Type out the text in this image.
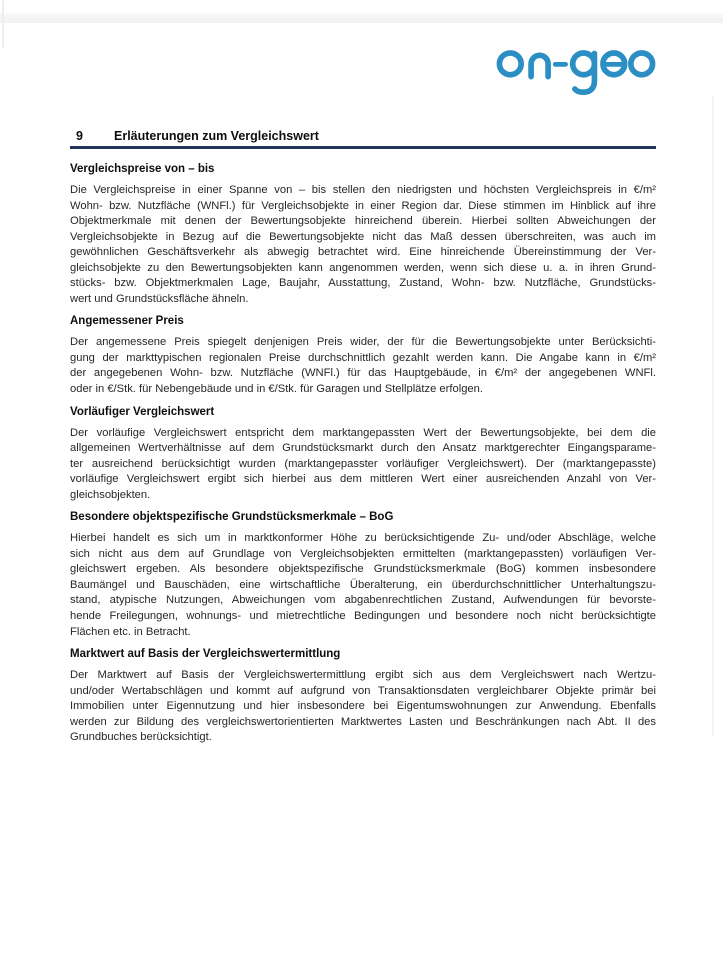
9	Erläuterungen zum Vergleichswert
Vergleichspreise von – bis

Die Vergleichspreise in einer Spanne von – bis stellen den niedrigsten und höchsten Vergleichspreis in €/m²
Wohn- bzw. Nutzfläche (WNFl.) für Vergleichsobjekte in einer Region dar. Diese stimmen im Hinblick auf ihre
Objektmerkmale mit denen der Bewertungsobjekte hinreichend überein. Hierbei sollten Abweichungen der
Vergleichsobjekte in Bezug auf die Bewertungsobjekte nicht das Maß dessen überschreiten, was auch im
gewöhnlichen Geschäftsverkehr als abwegig betrachtet wird. Eine hinreichende Übereinstimmung der Ver-
gleichsobjekte zu den Bewertungsobjekten kann angenommen werden, wenn sich diese u. a. in ihren Grund-
stücks- bzw. Objektmerkmalen Lage, Baujahr, Ausstattung, Zustand, Wohn- bzw. Nutzfläche, Grundstücks-
wert und Grundstücksfläche ähneln.

Angemessener Preis

Der angemessene Preis spiegelt denjenigen Preis wider, der für die Bewertungsobjekte unter Berücksichti-
gung der markttypischen regionalen Preise durchschnittlich gezahlt werden kann. Die Angabe kann in €/m²
der angegebenen Wohn- bzw. Nutzfläche (WNFl.) für das Hauptgebäude, in €/m² der angegebenen WNFl.
oder in €/Stk. für Nebengebäude und in €/Stk. für Garagen und Stellplätze erfolgen.

Vorläufiger Vergleichswert

Der vorläufige Vergleichswert entspricht dem marktangepassten Wert der Bewertungsobjekte, bei dem die
allgemeinen Wertverhältnisse auf dem Grundstücksmarkt durch den Ansatz marktgerechter Eingangsparame-
ter ausreichend berücksichtigt wurden (marktangepasster vorläufiger Vergleichswert). Der (marktangepasste)
vorläufige Vergleichswert ergibt sich hierbei aus dem mittleren Wert einer ausreichenden Anzahl von Ver-
gleichsobjekten.

Besondere objektspezifische Grundstücksmerkmale – BoG

Hierbei handelt es sich um in marktkonformer Höhe zu berücksichtigende Zu- und/oder Abschläge, welche
sich nicht aus dem auf Grundlage von Vergleichsobjekten ermittelten (marktangepassten) vorläufigen Ver-
gleichswert ergeben. Als besondere objektspezifische Grundstücksmerkmale (BoG) kommen insbesondere
Baumängel und Bauschäden, eine wirtschaftliche Überalterung, ein überdurchschnittlicher Unterhaltungszu-
stand, atypische Nutzungen, Abweichungen vom abgabenrechtlichen Zustand, Aufwendungen für bevorste-
hende Freilegungen, wohnungs- und mietrechtliche Bedingungen und besondere noch nicht berücksichtigte
Flächen etc. in Betracht.

Marktwert auf Basis der Vergleichswertermittlung

Der Marktwert auf Basis der Vergleichswertermittlung ergibt sich aus dem Vergleichswert nach Wertzu-
und/oder Wertabschlägen und kommt auf aufgrund von Transaktionsdaten vergleichbarer Objekte primär bei
Immobilien unter Eigennutzung und hier insbesondere bei Eigentumswohnungen zur Anwendung. Ebenfalls
werden zur Bildung des vergleichswertorientierten Marktwertes Lasten und Beschränkungen nach Abt. II des
Grundbuches berücksichtigt.
